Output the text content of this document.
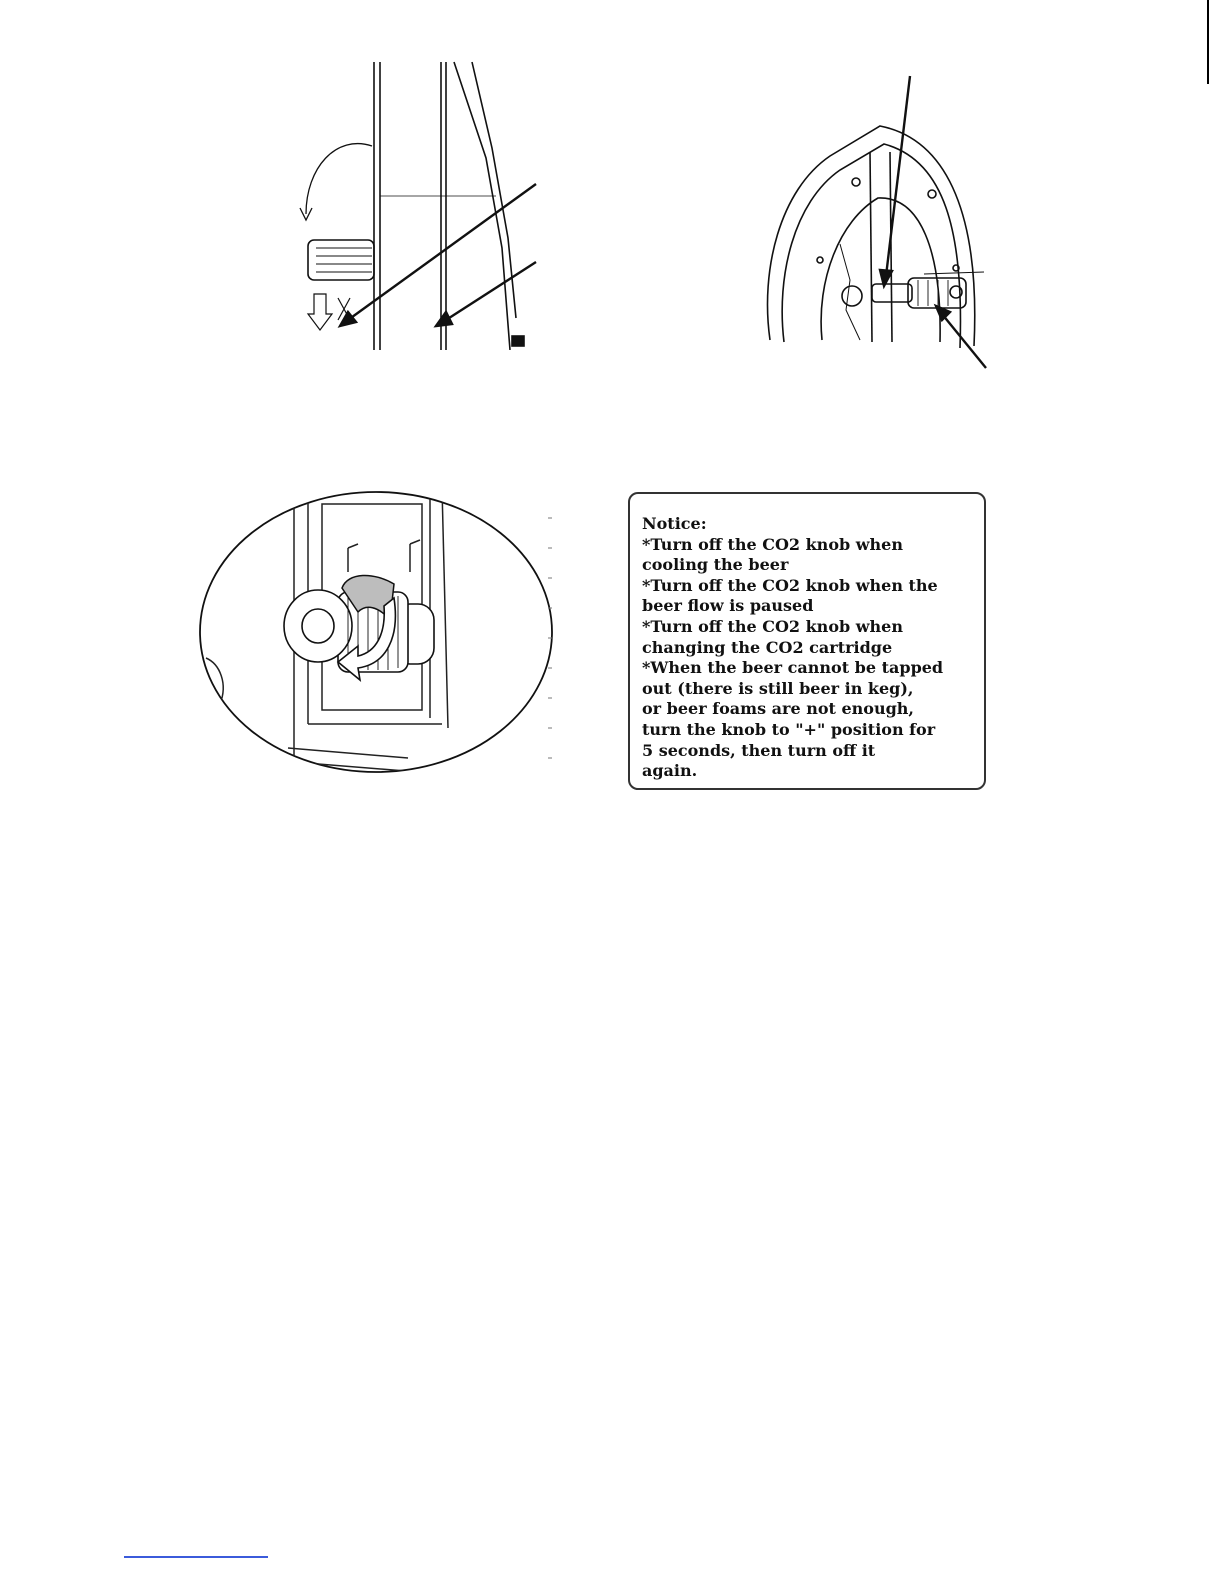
Notice:
*Turn off the CO2 knob when
cooling the beer
*Turn off the CO2 knob when the
beer flow is paused
*Turn off the CO2 knob when
changing the CO2 cartridge
*When the beer cannot be tapped
out (there is still beer in keg),
or beer foams are not enough,
turn the knob to "+" position for
5 seconds, then turn off it
again.
